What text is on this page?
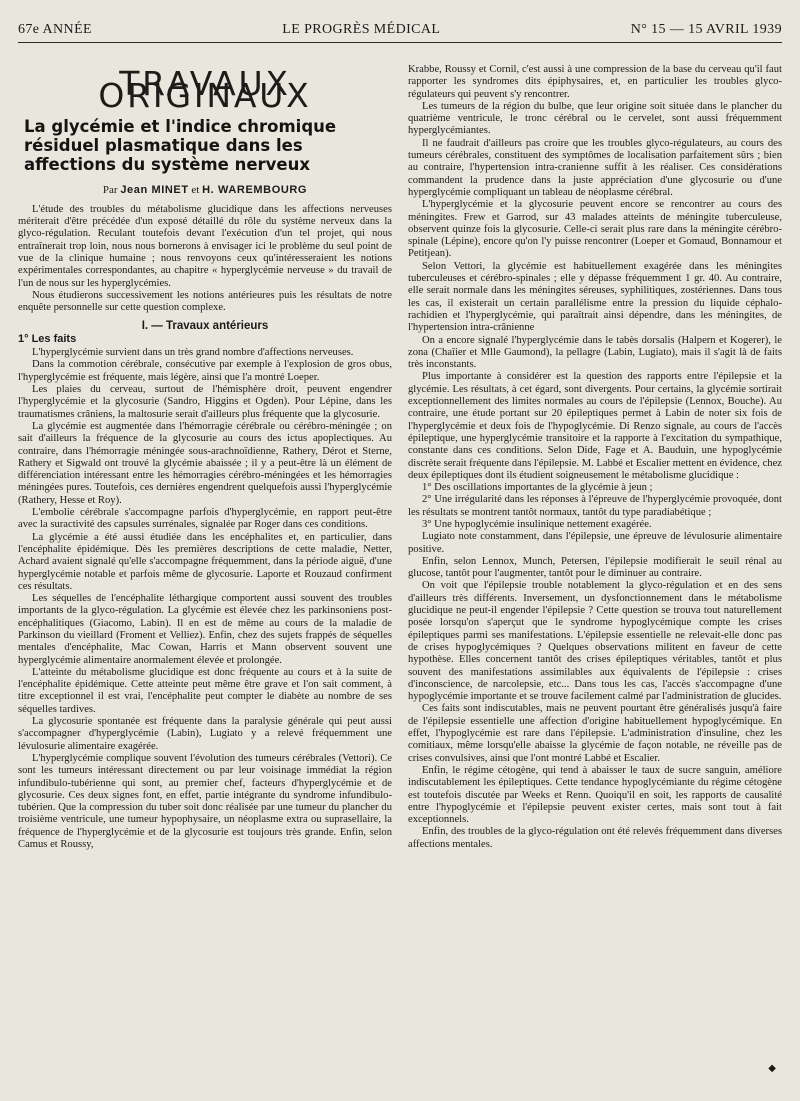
67e ANNÉE	LE PROGRÈS MÉDICAL	N° 15 — 15 AVRIL 1939
TRAVAUX ORIGINAUX
La glycémie et l'indice chromique résiduel plasmatique dans les affections du système nerveux
Par Jean MINET et H. WAREMBOURG

L'étude des troubles du métabolisme glucidique dans les affections nerveuses mériterait d'être précédée d'un exposé détaillé du rôle du système nerveux dans la glyco-régulation. Reculant toutefois devant l'exécution d'un tel projet, qui nous entraînerait trop loin, nous nous bornerons à envisager ici le problème du seul point de vue de la clinique humaine ; nous renvoyons ceux qu'intéresseraient les notions expérimentales correspondantes, au chapitre « hyperglycémie nerveuse » du travail de l'un de nous sur les hyperglycémies.

Nous étudierons successivement les notions antérieures puis les résultats de notre enquête personnelle sur cette question complexe.

I. — Travaux antérieurs
1° Les faits

L'hyperglycémie survient dans un très grand nombre d'affections nerveuses.

Dans la commotion cérébrale, consécutive par exemple à l'explosion de gros obus, l'hyperglycémie est fréquente, mais légère, ainsi que l'a montré Loeper.

Les plaies du cerveau, surtout de l'hémisphère droit, peuvent engendrer l'hyperglycémie et la glycosurie (Sandro, Higgins et Ogden). Pour Lépine, dans les traumatismes crâniens, la maltosurie serait d'ailleurs plus fréquente que la glycosurie.

La glycémie est augmentée dans l'hémorragie cérébrale ou cérébro-méningée ; on sait d'ailleurs la fréquence de la glycosurie au cours des ictus apoplectiques. Au contraire, dans l'hémorragie méningée sous-arachnoïdienne, Rathery, Dérot et Sterne, Rathery et Sigwald ont trouvé la glycémie abaissée ; il y a peut-être là un élément de différenciation intéressant entre les hémorragies cérébro-méningées et les hémorragies méningées pures. Toutefois, ces dernières engendrent quelquefois aussi l'hyperglycémie (Rathery, Hesse et Roy).

L'embolie cérébrale s'accompagne parfois d'hyperglycémie, en rapport peut-être avec la suractivité des capsules surrénales, signalée par Roger dans ces conditions.

La glycémie a été aussi étudiée dans les encéphalites et, en particulier, dans l'encéphalite épidémique. Dès les premières descriptions de cette maladie, Netter, Achard avaient signalé qu'elle s'accompagne fréquemment, dans la période aiguë, d'une hyperglycémie notable et parfois même de glycosurie. Laporte et Rouzaud confirment ces résultats.

Les séquelles de l'encéphalite léthargique comportent aussi souvent des troubles importants de la glyco-régulation. La glycémie est élevée chez les parkinsoniens post-encéphalitiques (Giacomo, Labin). Il en est de même au cours de la maladie de Parkinson du vieillard (Froment et Velliez). Enfin, chez des sujets frappés de séquelles mentales d'encéphalite, Mac Cowan, Harris et Mann observent souvent une hyperglycémie alimentaire anormalement élevée et prolongée.

L'atteinte du métabolisme glucidique est donc fréquente au cours et à la suite de l'encéphalite épidémique. Cette atteinte peut même être grave et l'on sait comment, à titre exceptionnel il est vrai, l'encéphalite peut compter le diabète au nombre de ses séquelles tardives.

La glycosurie spontanée est fréquente dans la paralysie générale qui peut aussi s'accompagner d'hyperglycémie (Labin), Lugiato y a relevé fréquemment une lévulosurie alimentaire exagérée.

L'hyperglycémie complique souvent l'évolution des tumeurs cérébrales (Vettori). Ce sont les tumeurs intéressant directement ou par leur voisinage immédiat la région infundibulo-tubérienne qui sont, au premier chef, facteurs d'hyperglycémie et de glycosurie. Ces deux signes font, en effet, partie intégrante du syndrome infundibulo-tubérien. Que la compression du tuber soit donc réalisée par une tumeur du plancher du troisième ventricule, une tumeur hypophysaire, un néoplasme extra ou suprasellaire, la fréquence de l'hyperglycémie et de la glycosurie est toujours très grande. Enfin, selon Camus et Roussy,

Krabbe, Roussy et Cornil, c'est aussi à une compression de la base du cerveau qu'il faut rapporter les syndromes dits épiphysaires, et, en particulier les troubles glyco-régulateurs qui peuvent s'y rencontrer.

Les tumeurs de la région du bulbe, que leur origine soit située dans le plancher du quatrième ventricule, le tronc cérébral ou le cervelet, sont aussi fréquemment hyperglycémiantes.

Il ne faudrait d'ailleurs pas croire que les troubles glyco-régulateurs, au cours des tumeurs cérébrales, constituent des symptômes de localisation parfaitement sûrs ; bien au contraire, l'hypertension intra-cranienne suffit à les réaliser. Ces considérations commandent la prudence dans la juste appréciation d'une glycosurie ou d'une hyperglycémie compliquant un tableau de néoplasme cérébral.

L'hyperglycémie et la glycosurie peuvent encore se rencontrer au cours des méningites. Frew et Garrod, sur 43 malades atteints de méningite tuberculeuse, observent quinze fois la glycosurie. Celle-ci serait plus rare dans la méningite cérébro-spinale (Lépine), encore qu'on l'y puisse rencontrer (Loeper et Gomaud, Bonnamour et Petitjean).

Selon Vettori, la glycémie est habituellement exagérée dans les méningites tuberculeuses et cérébro-spinales ; elle y dépasse fréquemment 1 gr. 40. Au contraire, elle serait normale dans les méningites séreuses, syphilitiques, zostériennes. Dans tous les cas, il existerait un certain parallélisme entre la pression du liquide céphalo-rachidien et l'hyperglycémie, qui paraîtrait ainsi dépendre, dans les méningites, de l'hypertension intra-crânienne

On a encore signalé l'hyperglycémie dans le tabès dorsalis (Halpern et Kogerer), le zona (Chaîier et Mlle Gaumond), la pellagre (Labin, Lugiato), mais il s'agit là de faits très inconstants.

Plus importante à considérer est la question des rapports entre l'épilepsie et la glycémie. Les résultats, à cet égard, sont divergents. Pour certains, la glycémie sortirait exceptionnellement des limites normales au cours de l'épilepsie (Lennox, Bouche). Au contraire, une étude portant sur 20 épileptiques permet à Labin de noter six fois de l'hyperglycémie et deux fois de l'hypoglycémie. Di Renzo signale, au cours de l'accès épileptique, une hyperglycémie transitoire et la rapporte à l'excitation du sympathique, constante dans ces conditions. Selon Dide, Fage et A. Bauduin, une hypoglycémie discrète serait fréquente dans l'épilepsie. M. Labbé et Escalier mettent en évidence, chez deux épileptiques dont ils étudient soigneusement le métabolisme glucidique :

1° Des oscillations importantes de la glycémie à jeun ;

2° Une irrégularité dans les réponses à l'épreuve de l'hyperglycémie provoquée, dont les résultats se montrent tantôt normaux, tantôt du type paradiabétique ;

3° Une hypoglycémie insulinique nettement exagérée.

Lugiato note constamment, dans l'épilepsie, une épreuve de lévulosurie alimentaire positive.

Enfin, selon Lennox, Munch, Petersen, l'épilepsie modifierait le seuil rénal au glucose, tantôt pour l'augmenter, tantôt pour le diminuer au contraire.

On voit que l'épilepsie trouble notablement la glyco-régulation et en des sens d'ailleurs très différents. Inversement, un dysfonctionnement dans le métabolisme glucidique ne peut-il engender l'épilepsie ? Cette question se trouva tout naturellement posée lorsqu'on s'aperçut que le syndrome hypoglycémique compte les crises épileptiques parmi ses manifestations. L'épilepsie essentielle ne relevait-elle donc pas de crises hypoglycémiques ? Quelques observations militent en faveur de cette hypothèse. Elles concernent tantôt des crises épileptiques véritables, tantôt et plus souvent des manifestations assimilables aux équivalents de l'épilepsie : crises d'inconscience, de narcolepsie, etc... Dans tous les cas, l'accès s'accompagne d'une hypoglycémie importante et se trouve facilement calmé par l'administration de glucides.

Ces faits sont indiscutables, mais ne peuvent pourtant être généralisés jusqu'à faire de l'épilepsie essentielle une affection d'origine habituellement hypoglycémique. En effet, l'hypoglycémie est rare dans l'épilepsie. L'administration d'insuline, chez les comitiaux, même lorsqu'elle abaisse la glycémie de façon notable, ne réveille pas de crises convulsives, ainsi que l'ont montré Labbé et Escalier.

Enfin, le régime cétogène, qui tend à abaisser le taux de sucre sanguin, améliore indiscutablement les épileptiques. Cette tendance hypoglycémiante du régime cétogène est toutefois discutée par Weeks et Renn. Quoiqu'il en soit, les rapports de causalité entre l'hypoglycémie et l'épilepsie peuvent exister certes, mais sont tout à fait exceptionnels.

Enfin, des troubles de la glyco-régulation ont été relevés fréquemment dans diverses affections mentales.

◆
